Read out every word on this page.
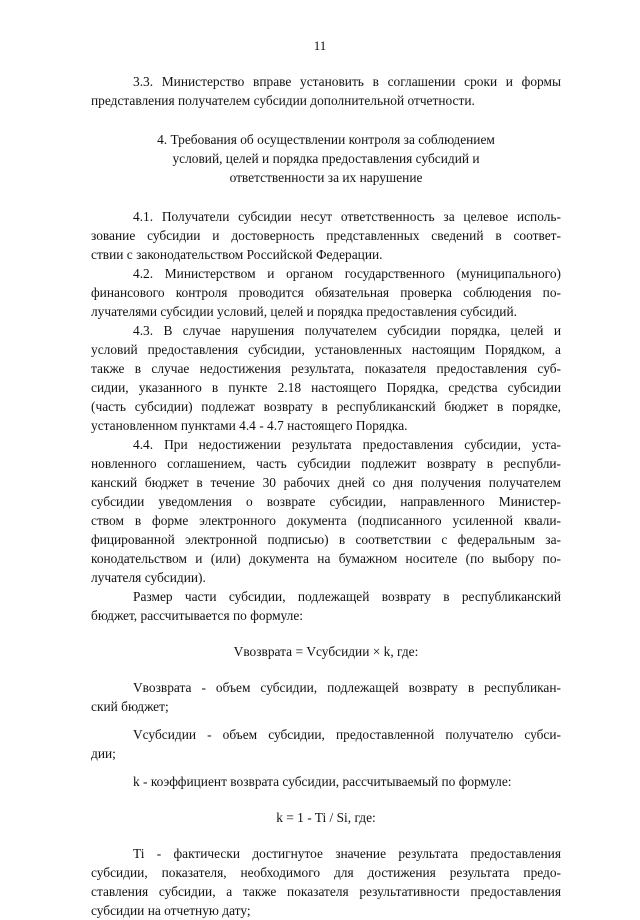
11
3.3. Министерство вправе установить в соглашении сроки и формы
представления получателем субсидии дополнительной отчетности.
4. Требования об осуществлении контроля за соблюдением
условий, целей и порядка предоставления субсидий и
ответственности за их нарушение
4.1. Получатели субсидии несут ответственность за целевое исполь-
зование субсидии и достоверность представленных сведений в соответ-
ствии с законодательством Российской Федерации.
4.2. Министерством и органом государственного (муниципального)
финансового контроля проводится обязательная проверка соблюдения по-
лучателями субсидии условий, целей и порядка предоставления субсидий.
4.3. В случае нарушения получателем субсидии порядка, целей и
условий предоставления субсидии, установленных настоящим Порядком, а
также в случае недостижения результата, показателя предоставления суб-
сидии, указанного в пункте 2.18 настоящего Порядка, средства субсидии
(часть субсидии) подлежат возврату в республиканский бюджет в порядке,
установленном пунктами 4.4 - 4.7 настоящего Порядка.
4.4. При недостижении результата предоставления субсидии, уста-
новленного соглашением, часть субсидии подлежит возврату в республи-
канский бюджет в течение 30 рабочих дней со дня получения получателем
субсидии уведомления о возврате субсидии, направленного Министер-
ством в форме электронного документа (подписанного усиленной квали-
фицированной электронной подписью) в соответствии с федеральным за-
конодательством и (или) документа на бумажном носителе (по выбору по-
лучателя субсидии).
Размер части субсидии, подлежащей возврату в республиканский
бюджет, рассчитывается по формуле:
Vвозврата = Vсубсидии × k, где:
Vвозврата - объем субсидии, подлежащей возврату в республикан-
ский бюджет;
Vсубсидии - объем субсидии, предоставленной получателю субси-
дии;
k - коэффициент возврата субсидии, рассчитываемый по формуле:
k = 1 - Ti / Si, где:
Ti - фактически достигнутое значение результата предоставления
субсидии, показателя, необходимого для достижения результата предо-
ставления субсидии, а также показателя результативности предоставления
субсидии на отчетную дату;
